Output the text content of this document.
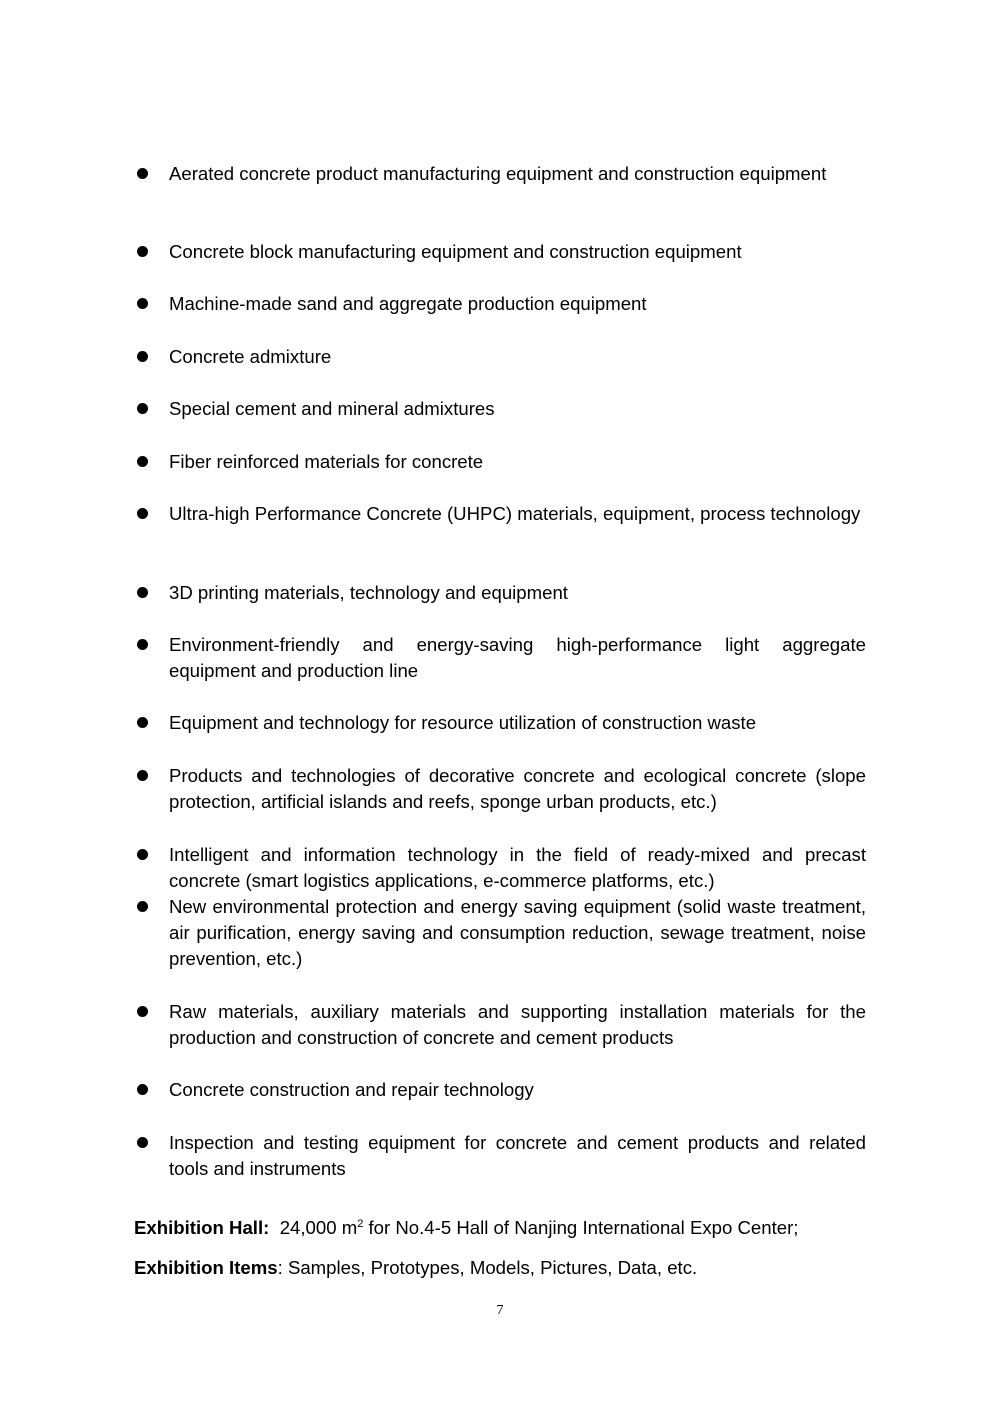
Aerated concrete product manufacturing equipment and construction equipment
Concrete block manufacturing equipment and construction equipment
Machine-made sand and aggregate production equipment
Concrete admixture
Special cement and mineral admixtures
Fiber reinforced materials for concrete
Ultra-high Performance Concrete (UHPC) materials, equipment, process technology
3D printing materials, technology and equipment
Environment-friendly and energy-saving high-performance light aggregate equipment and production line
Equipment and technology for resource utilization of construction waste
Products and technologies of decorative concrete and ecological concrete (slope protection, artificial islands and reefs, sponge urban products, etc.)
Intelligent and information technology in the field of ready-mixed and precast concrete (smart logistics applications, e-commerce platforms, etc.)
New environmental protection and energy saving equipment (solid waste treatment, air purification, energy saving and consumption reduction, sewage treatment, noise prevention, etc.)
Raw materials, auxiliary materials and supporting installation materials for the production and construction of concrete and cement products
Concrete construction and repair technology
Inspection and testing equipment for concrete and cement products and related tools and instruments
Exhibition Hall: 24,000 $m^2$ for No.4-5 Hall of Nanjing International Expo Center;
Exhibition Items: Samples, Prototypes, Models, Pictures, Data, etc.
7
